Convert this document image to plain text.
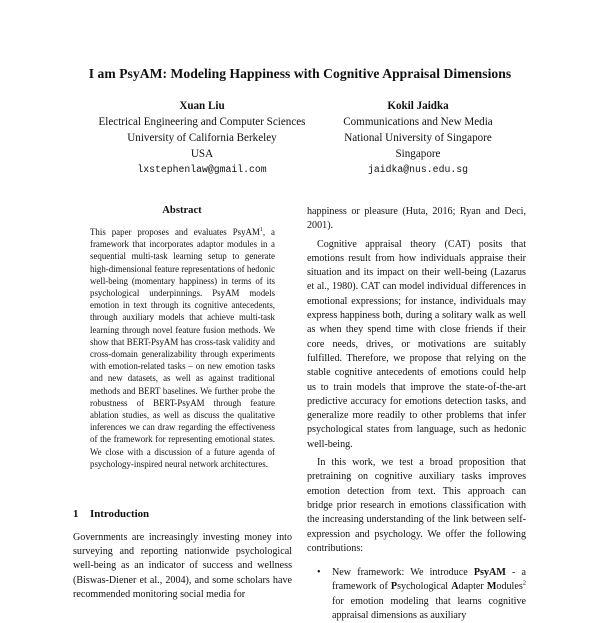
I am PsyAM: Modeling Happiness with Cognitive Appraisal Dimensions
Xuan Liu
Electrical Engineering and Computer Sciences
University of California Berkeley
USA
lxstephenlaw@gmail.com
Kokil Jaidka
Communications and New Media
National University of Singapore
Singapore
jaidka@nus.edu.sg
Abstract
This paper proposes and evaluates PsyAM$^1$, a framework that incorporates adaptor modules in a sequential multi-task learning setup to generate high-dimensional feature representations of hedonic well-being (momentary happiness) in terms of its psychological underpinnings. PsyAM models emotion in text through its cognitive antecedents, through auxiliary models that achieve multi-task learning through novel feature fusion methods. We show that BERT-PsyAM has cross-task validity and cross-domain generalizability through experiments with emotion-related tasks – on new emotion tasks and new datasets, as well as against traditional methods and BERT baselines. We further probe the robustness of BERT-PsyAM through feature ablation studies, as well as discuss the qualitative inferences we can draw regarding the effectiveness of the framework for representing emotional states. We close with a discussion of a future agenda of psychology-inspired neural network architectures.
1 Introduction
Governments are increasingly investing money into surveying and reporting nationwide psychological well-being as an indicator of success and wellness (Biswas-Diener et al., 2004), and some scholars have recommended monitoring social media for

happiness or pleasure (Huta, 2016; Ryan and Deci, 2001).

Cognitive appraisal theory (CAT) posits that emotions result from how individuals appraise their situation and its impact on their well-being (Lazarus et al., 1980). CAT can model individual differences in emotional expressions; for instance, individuals may express happiness both, during a solitary walk as well as when they spend time with close friends if their core needs, drives, or motivations are suitably fulfilled. Therefore, we propose that relying on the stable cognitive antecedents of emotions could help us to train models that improve the state-of-the-art predictive accuracy for emotions detection tasks, and generalize more readily to other problems that infer psychological states from language, such as hedonic well-being.

In this work, we test a broad proposition that pretraining on cognitive auxiliary tasks improves emotion detection from text. This approach can bridge prior research in emotions classification with the increasing understanding of the link between self-expression and psychology. We offer the following contributions:

• New framework: We introduce PsyAM - a framework of Psychological Adapter Modules$^2$ for emotion modeling that learns cognitive appraisal dimensions as auxiliary
